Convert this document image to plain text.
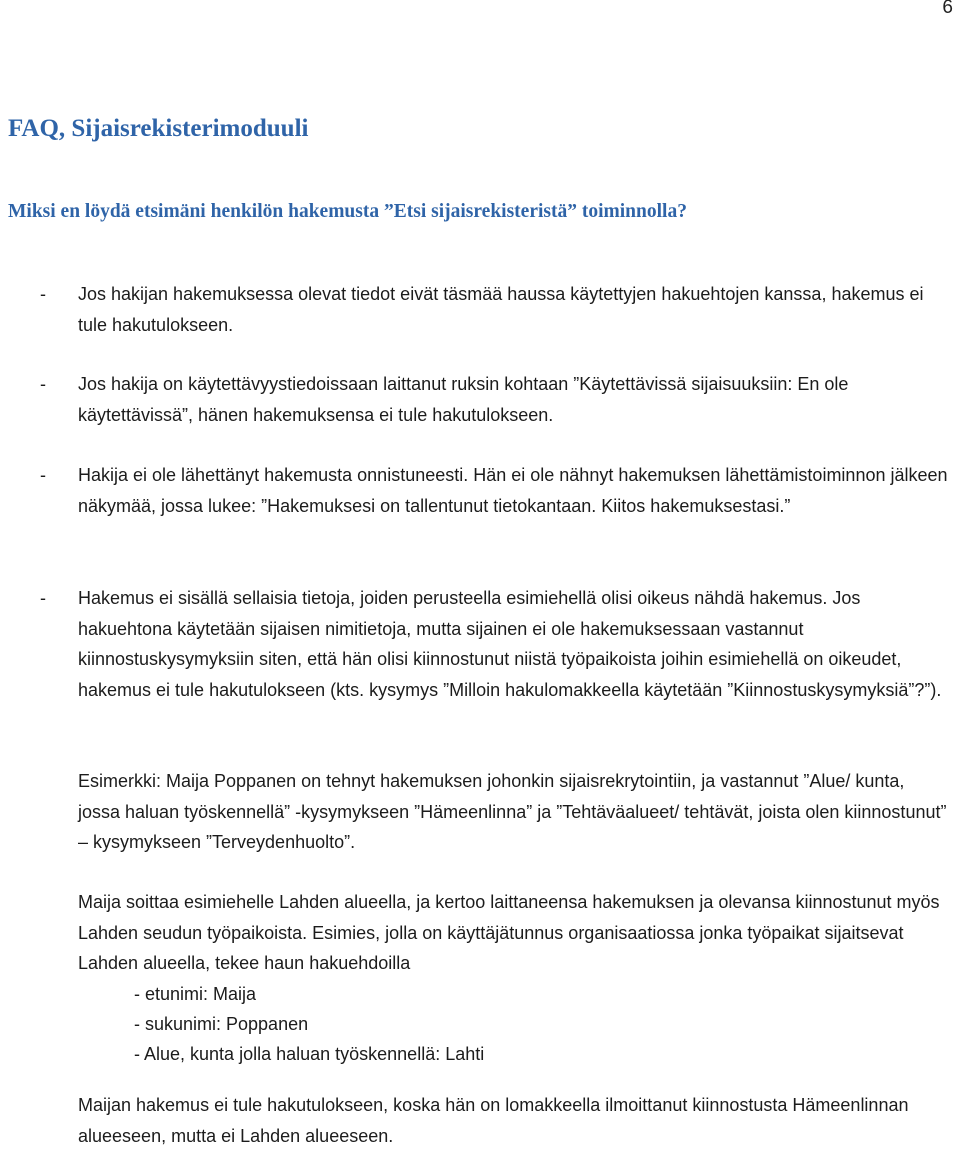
6
FAQ, Sijaisrekisterimoduuli
Miksi en löydä etsimäni henkilön hakemusta ”Etsi sijaisrekisteristä” toiminnolla?
- Jos hakijan hakemuksessa olevat tiedot eivät täsmää haussa käytettyjen hakuehtojen kanssa, hakemus ei tule hakutulokseen.

- Jos hakija on käytettävyystiedoissaan laittanut ruksin kohtaan ”Käytettävissä sijaisuuksiin: En ole käytettävissä”, hänen hakemuksensa ei tule hakutulokseen.

- Hakija ei ole lähettänyt hakemusta onnistuneesti. Hän ei ole nähnyt hakemuksen lähettämistoiminnon jälkeen näkymää, jossa lukee: ”Hakemuksesi on tallentunut tietokantaan. Kiitos hakemuksestasi.”

- Hakemus ei sisällä sellaisia tietoja, joiden perusteella esimiehellä olisi oikeus nähdä hakemus. Jos hakuehtona käytetään sijaisen nimitietoja, mutta sijainen ei ole hakemuksessaan vastannut kiinnostuskysymyksiin siten, että hän olisi kiinnostunut niistä työpaikoista joihin esimiehellä on oikeudet, hakemus ei tule hakutulokseen (kts. kysymys ”Milloin hakulomakkeella käytetään ”Kiinnostuskysymyksiä”?”).

Esimerkki: Maija Poppanen on tehnyt hakemuksen johonkin sijaisrekrytointiin, ja vastannut ”Alue/ kunta, jossa haluan työskennellä” -kysymykseen ”Hämeenlinna” ja ”Tehtäväalueet/ tehtävät, joista olen kiinnostunut” – kysymykseen ”Terveydenhuolto”.

Maija soittaa esimiehelle Lahden alueella, ja kertoo laittaneensa hakemuksen ja olevansa kiinnostunut myös Lahden seudun työpaikoista. Esimies, jolla on käyttäjätunnus organisaatiossa jonka työpaikat sijaitsevat Lahden alueella, tekee haun hakuehdoilla

- etunimi: Maija

- sukunimi: Poppanen

- Alue, kunta jolla haluan työskennellä: Lahti

Maijan hakemus ei tule hakutulokseen, koska hän on lomakkeella ilmoittanut kiinnostusta Hämeenlinnan alueeseen, mutta ei Lahden alueeseen.
